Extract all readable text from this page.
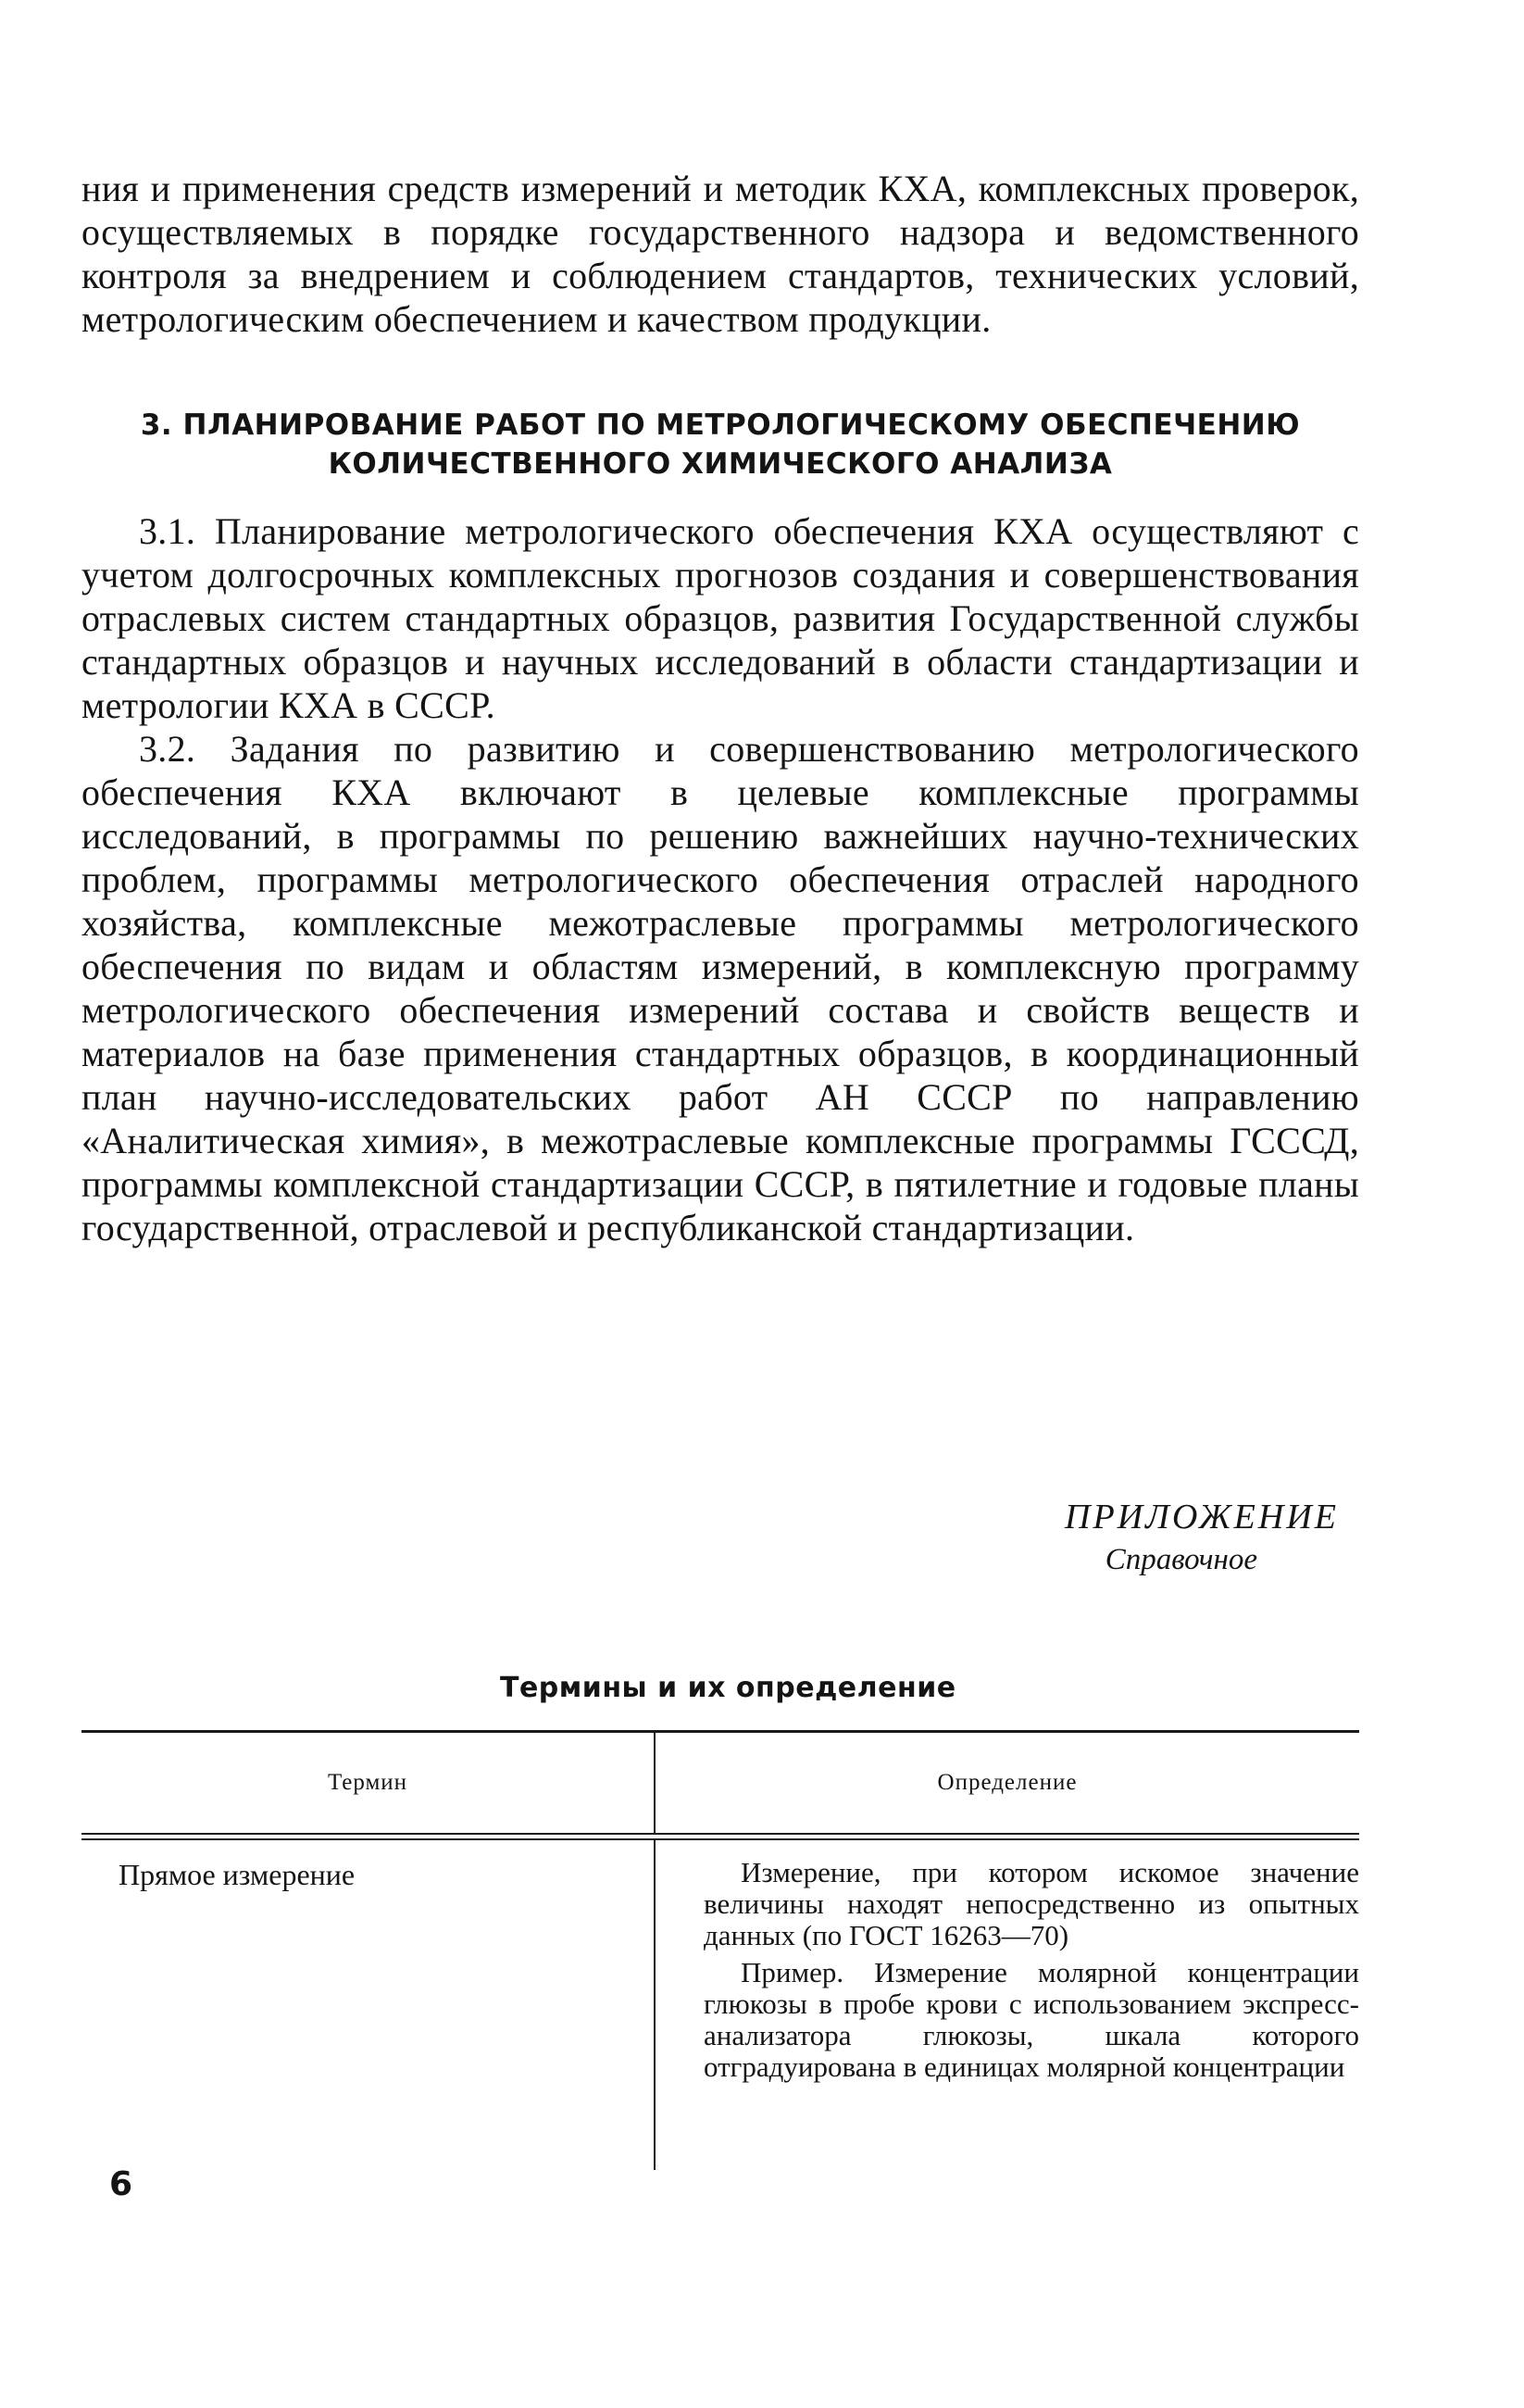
ния и применения средств измерений и методик КХА, комплексных проверок, осуществляемых в порядке государственного надзора и ведомственного контроля за внедрением и соблюдением стандартов, технических условий, метрологическим обеспечением и качеством продукции.

3. ПЛАНИРОВАНИЕ РАБОТ ПО МЕТРОЛОГИЧЕСКОМУ ОБЕСПЕЧЕНИЮ
КОЛИЧЕСТВЕННОГО ХИМИЧЕСКОГО АНАЛИЗА

3.1. Планирование метрологического обеспечения КХА осуществляют с учетом долгосрочных комплексных прогнозов создания и совершенствования отраслевых систем стандартных образцов, развития Государственной службы стандартных образцов и научных исследований в области стандартизации и метрологии КХА в СССР.

3.2. Задания по развитию и совершенствованию метрологического обеспечения КХА включают в целевые комплексные программы исследований, в программы по решению важнейших научно-технических проблем, программы метрологического обеспечения отраслей народного хозяйства, комплексные межотраслевые программы метрологического обеспечения по видам и областям измерений, в комплексную программу метрологического обеспечения измерений состава и свойств веществ и материалов на базе применения стандартных образцов, в координационный план научно-исследовательских работ АН СССР по направлению «Аналитическая химия», в межотраслевые комплексные программы ГСССД, программы комплексной стандартизации СССР, в пятилетние и годовые планы государственной, отраслевой и республиканской стандартизации.

ПРИЛОЖЕНИЕ
Справочное
Термины и их определение
Термин	Определение
Прямое измерение	Измерение, при котором искомое значение величины находят непосредственно из опытных данных (по ГОСТ 16263—70)

Пример. Измерение молярной концентрации глюкозы в пробе крови с использованием экспресс-анализатора глюкозы, шкала которого отградуирована в единицах молярной концентрации

6
